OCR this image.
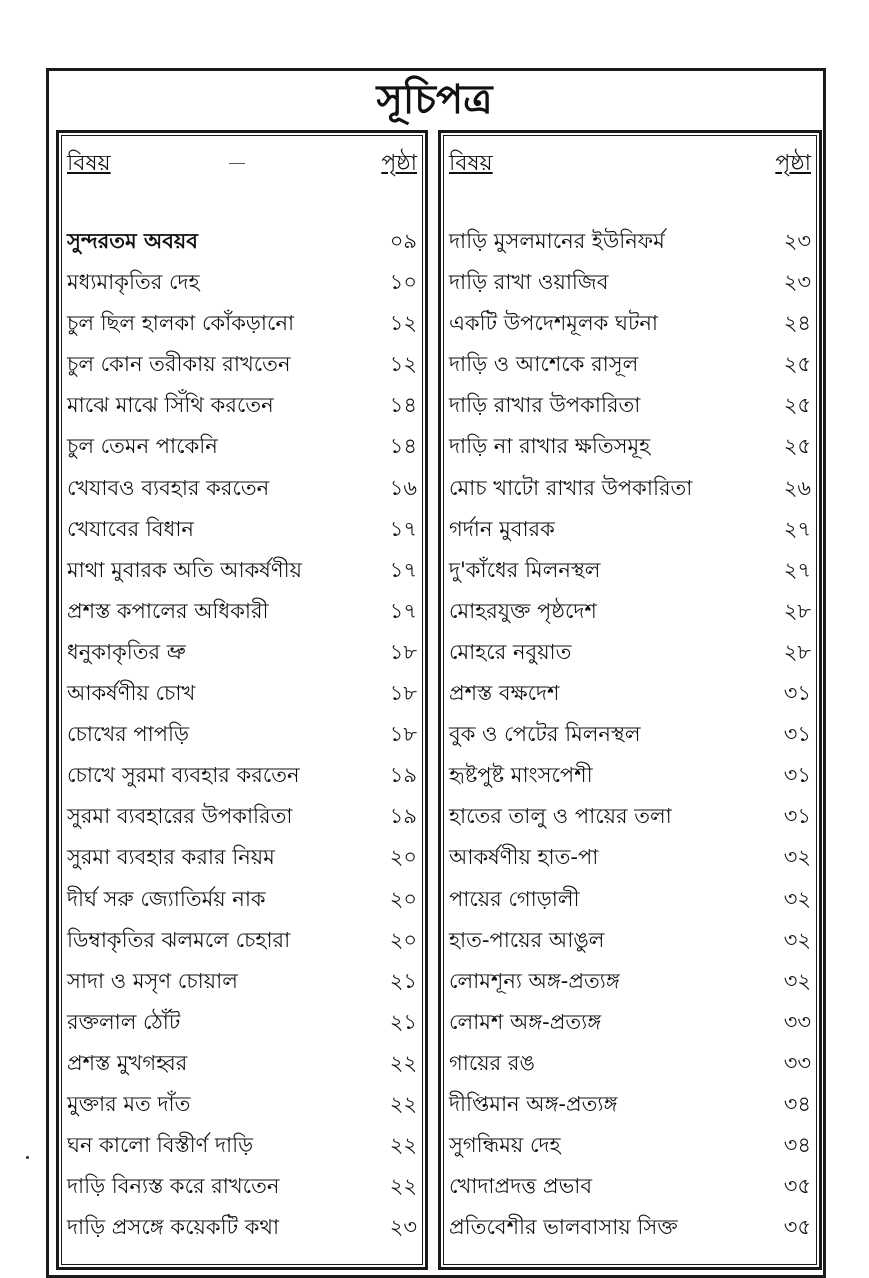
সূচিপত্র
বিষয়	পৃষ্ঠা
সুন্দরতম অবয়ব	০৯
মধ্যমাকৃতির দেহ	১০
চুল ছিল হালকা কোঁকড়ানো	১২
চুল কোন তরীকায় রাখতেন	১২
মাঝে মাঝে সিঁথি করতেন	১৪
চুল তেমন পাকেনি	১৪
খেযাবও ব্যবহার করতেন	১৬
খেযাবের বিধান	১৭
মাথা মুবারক অতি আকর্ষণীয়	১৭
প্রশস্ত কপালের অধিকারী	১৭
ধনুকাকৃতির ভ্রু	১৮
আকর্ষণীয় চোখ	১৮
চোখের পাপড়ি	১৮
চোখে সুরমা ব্যবহার করতেন	১৯
সুরমা ব্যবহারের উপকারিতা	১৯
সুরমা ব্যবহার করার নিয়ম	২০
দীর্ঘ সরু জ্যোতির্ময় নাক	২০
ডিম্বাকৃতির ঝলমলে চেহারা	২০
সাদা ও মসৃণ চোয়াল	২১
রক্তলাল ঠোঁট	২১
প্রশস্ত মুখগহ্বর	২২
মুক্তার মত দাঁত	২২
ঘন কালো বিস্তীর্ণ দাড়ি	২২
দাড়ি বিন্যস্ত করে রাখতেন	২২
দাড়ি প্রসঙ্গে কয়েকটি কথা	২৩
বিষয়	পৃষ্ঠা
দাড়ি মুসলমানের ইউনিফর্ম	২৩
দাড়ি রাখা ওয়াজিব	২৩
একটি উপদেশমূলক ঘটনা	২৪
দাড়ি ও আশেকে রাসূল	২৫
দাড়ি রাখার উপকারিতা	২৫
দাড়ি না রাখার ক্ষতিসমূহ	২৫
মোচ খাটো রাখার উপকারিতা	২৬
গর্দান মুবারক	২৭
দু'কাঁধের মিলনস্থল	২৭
মোহরযুক্ত পৃষ্ঠদেশ	২৮
মোহরে নবুয়াত	২৮
প্রশস্ত বক্ষদেশ	৩১
বুক ও পেটের মিলনস্থল	৩১
হৃষ্টপুষ্ট মাংসপেশী	৩১
হাতের তালু ও পায়ের তলা	৩১
আকর্ষণীয় হাত-পা	৩২
পায়ের গোড়ালী	৩২
হাত-পায়ের আঙুল	৩২
লোমশূন্য অঙ্গ-প্রত্যঙ্গ	৩২
লোমশ অঙ্গ-প্রত্যঙ্গ	৩৩
গায়ের রঙ	৩৩
দীপ্তিমান অঙ্গ-প্রত্যঙ্গ	৩৪
সুগন্ধিময় দেহ	৩৪
খোদাপ্রদত্ত প্রভাব	৩৫
প্রতিবেশীর ভালবাসায় সিক্ত	৩৫
